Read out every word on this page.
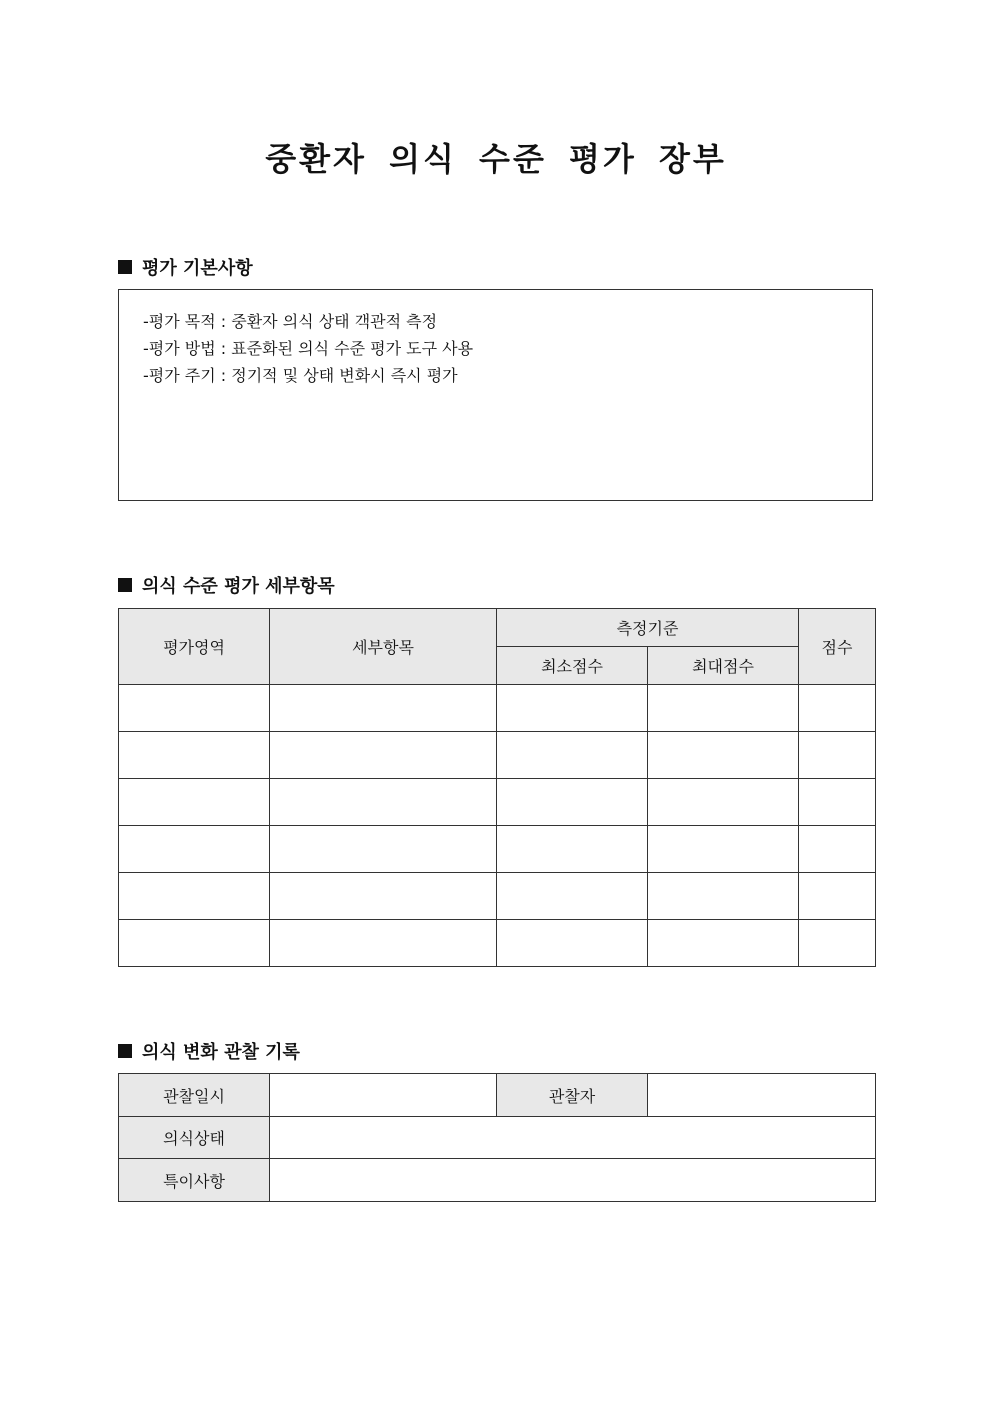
중환자 의식 수준 평가 장부
평가 기본사항
-평가 목적 : 중환자 의식 상태 객관적 측정
-평가 방법 : 표준화된 의식 수준 평가 도구 사용
-평가 주기 : 정기적 및 상태 변화시 즉시 평가
의식 수준 평가 세부항목
평가영역	세부항목	측정기준		점수
		최소점수	최대점수	

의식 변화 관찰 기록
관찰일시		관찰자	
의식상태			
특이사항			
